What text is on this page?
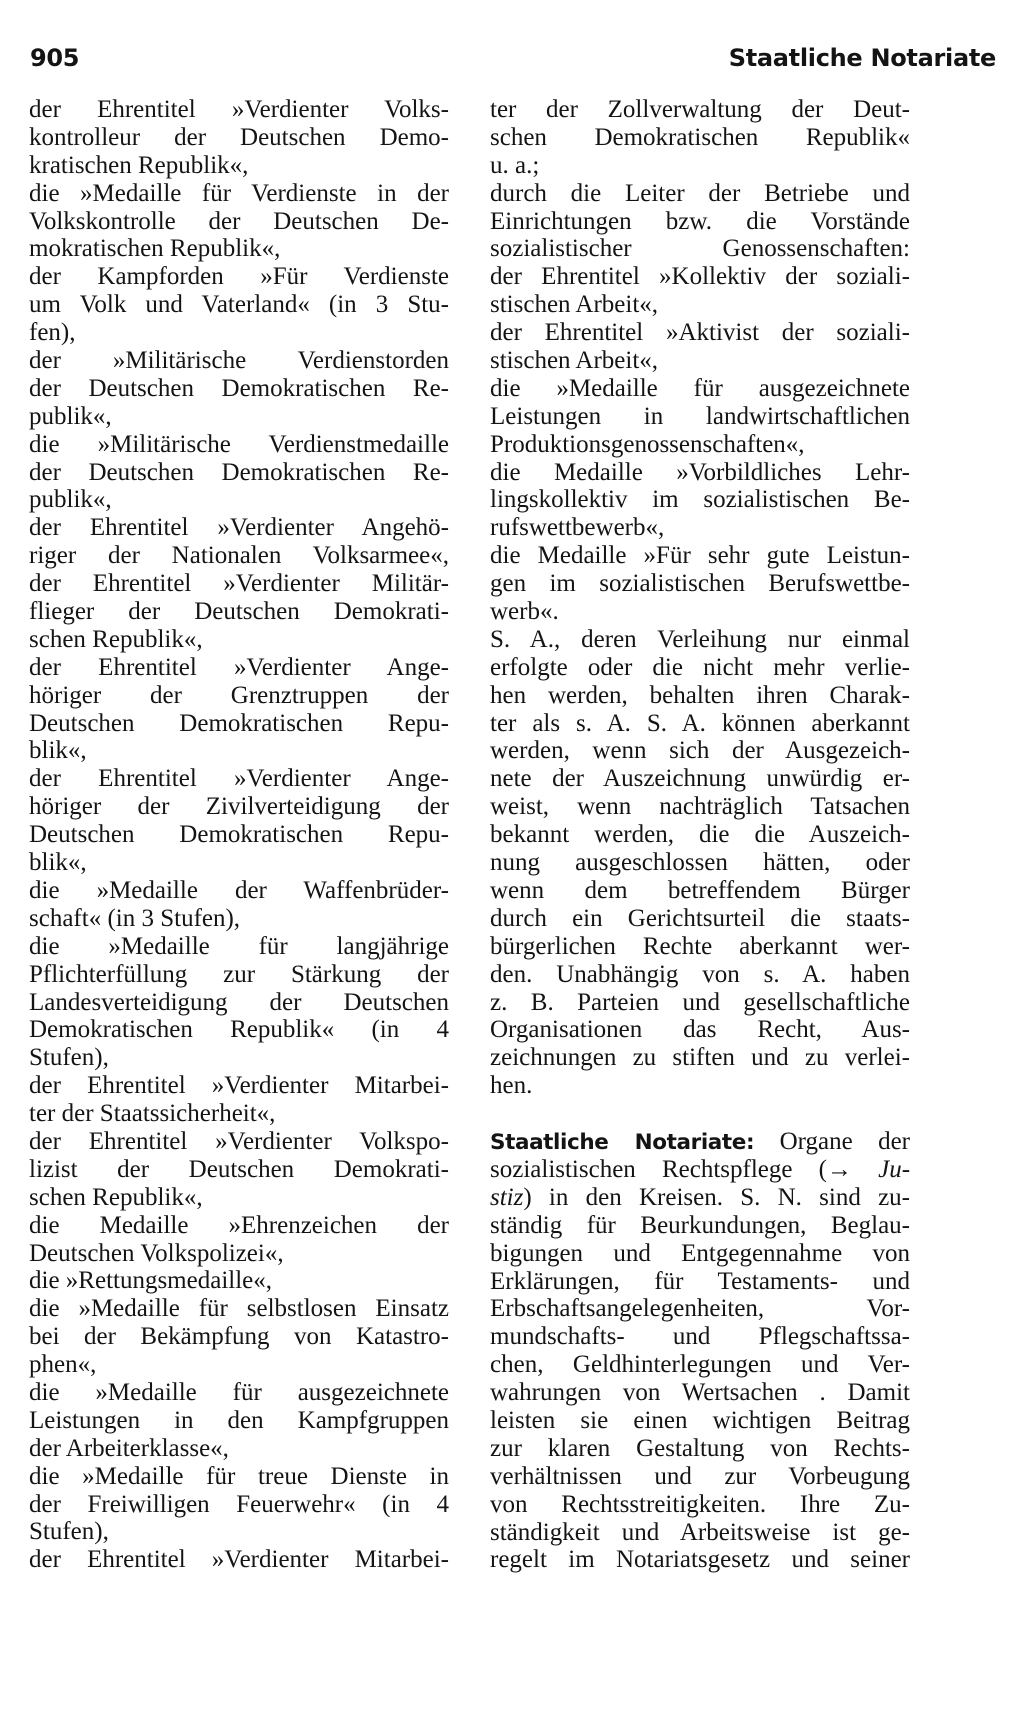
905	Staatliche Notariate
der Ehrentitel »Verdienter Volks-
kontrolleur der Deutschen Demo-
kratischen Republik«,
die »Medaille für Verdienste in der
Volkskontrolle der Deutschen De-
mokratischen Republik«,
der Kampforden »Für Verdienste
um Volk und Vaterland« (in 3 Stu-
fen),
der »Militärische Verdienstorden
der Deutschen Demokratischen Re-
publik«,
die »Militärische Verdienstmedaille
der Deutschen Demokratischen Re-
publik«,
der Ehrentitel »Verdienter Angehö-
riger der Nationalen Volksarmee«,
der Ehrentitel »Verdienter Militär-
flieger der Deutschen Demokrati-
schen Republik«,
der Ehrentitel »Verdienter Ange-
höriger der Grenztruppen der
Deutschen Demokratischen Repu-
blik«,
der Ehrentitel »Verdienter Ange-
höriger der Zivilverteidigung der
Deutschen Demokratischen Repu-
blik«,
die »Medaille der Waffenbrüder-
schaft« (in 3 Stufen),
die »Medaille für langjährige
Pflichterfüllung zur Stärkung der
Landesverteidigung der Deutschen
Demokratischen Republik« (in 4
Stufen),
der Ehrentitel »Verdienter Mitarbei-
ter der Staatssicherheit«,
der Ehrentitel »Verdienter Volkspo-
lizist der Deutschen Demokrati-
schen Republik«,
die Medaille »Ehrenzeichen der
Deutschen Volkspolizei«,
die »Rettungsmedaille«,
die »Medaille für selbstlosen Einsatz
bei der Bekämpfung von Katastro-
phen«,
die »Medaille für ausgezeichnete
Leistungen in den Kampfgruppen
der Arbeiterklasse«,
die »Medaille für treue Dienste in
der Freiwilligen Feuerwehr« (in 4
Stufen),
der Ehrentitel »Verdienter Mitarbei-
ter der Zollverwaltung der Deut-
schen Demokratischen Republik«
u. a.;
durch die Leiter der Betriebe und
Einrichtungen bzw. die Vorstände
sozialistischer Genossenschaften:
der Ehrentitel »Kollektiv der soziali-
stischen Arbeit«,
der Ehrentitel »Aktivist der soziali-
stischen Arbeit«,
die »Medaille für ausgezeichnete
Leistungen in landwirtschaftlichen
Produktionsgenossenschaften«,
die Medaille »Vorbildliches Lehr-
lingskollektiv im sozialistischen Be-
rufswettbewerb«,
die Medaille »Für sehr gute Leistun-
gen im sozialistischen Berufswettbe-
werb«.
S. A., deren Verleihung nur einmal
erfolgte oder die nicht mehr verlie-
hen werden, behalten ihren Charak-
ter als s. A. S. A. können aberkannt
werden, wenn sich der Ausgezeich-
nete der Auszeichnung unwürdig er-
weist, wenn nachträglich Tatsachen
bekannt werden, die die Auszeich-
nung ausgeschlossen hätten, oder
wenn dem betreffendem Bürger
durch ein Gerichtsurteil die staats-
bürgerlichen Rechte aberkannt wer-
den. Unabhängig von s. A. haben
z. B. Parteien und gesellschaftliche
Organisationen das Recht, Aus-
zeichnungen zu stiften und zu verlei-
hen.
Staatliche Notariate: Organe der
sozialistischen Rechtspflege (→ Ju-
stiz) in den Kreisen. S. N. sind zu-
ständig für Beurkundungen, Beglau-
bigungen und Entgegennahme von
Erklärungen, für Testaments- und
Erbschaftsangelegenheiten, Vor-
mundschafts- und Pflegschaftssa-
chen, Geldhinterlegungen und Ver-
wahrungen von Wertsachen . Damit
leisten sie einen wichtigen Beitrag
zur klaren Gestaltung von Rechts-
verhältnissen und zur Vorbeugung
von Rechtsstreitigkeiten. Ihre Zu-
ständigkeit und Arbeitsweise ist ge-
regelt im Notariatsgesetz und seiner
